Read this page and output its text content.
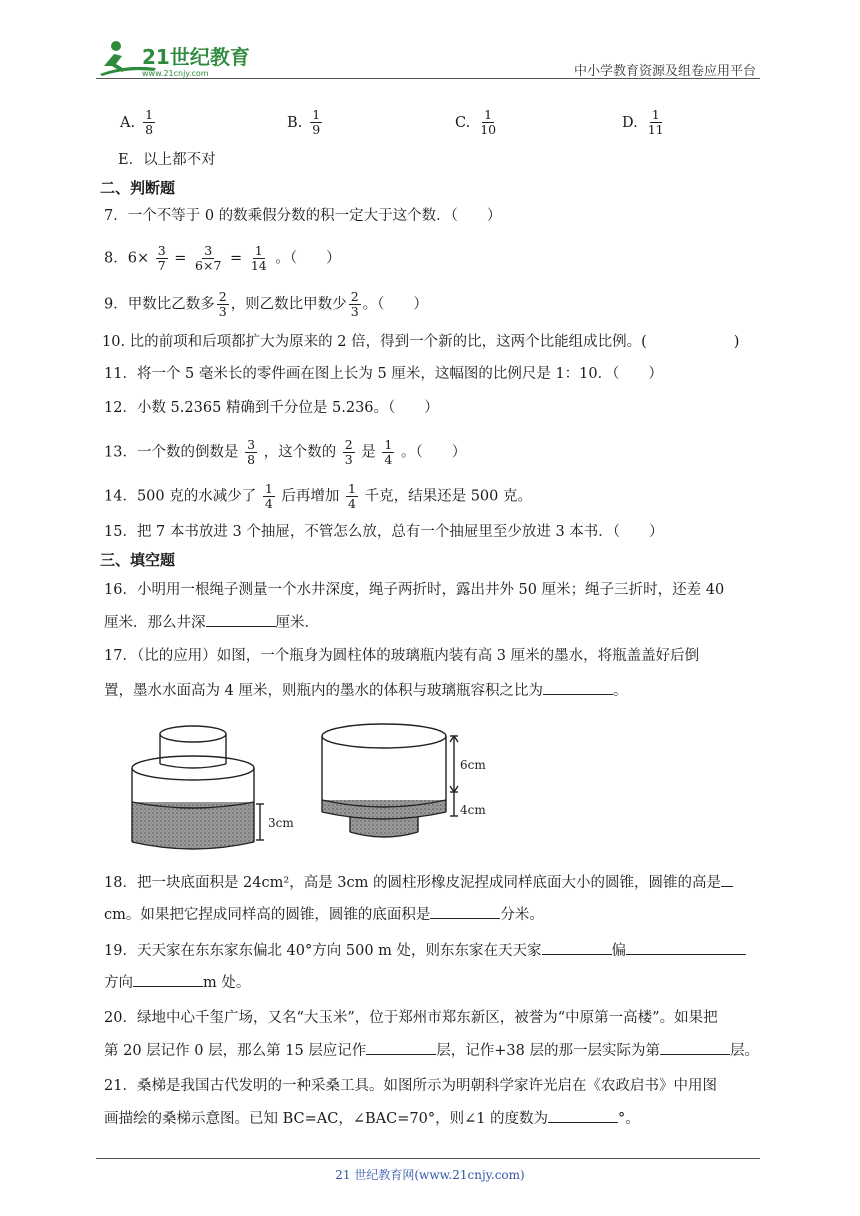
21世纪教育
www.21cnjy.com	中小学教育资源及组卷应用平台
A. $\frac{1}{8}$	B. $\frac{1}{9}$	C. $\frac{1}{10}$	D. $\frac{1}{11}$
E．以上都不对
二、判断题
7．一个不等于 0 的数乘假分数的积一定大于这个数．（　　）
8．$6\times \frac{3}{7} = \frac{3}{6\times 7} = \frac{1}{14}$ 。（　　）
9．甲数比乙数多 $\frac{2}{3}$ ，则乙数比甲数少 $\frac{2}{3}$ 。（　　）
10. 比的前项和后项都扩大为原来的 2 倍，得到一个新的比，这两个比能组成比例。(　　　　　　)
11．将一个 5 毫米长的零件画在图上长为 5 厘米，这幅图的比例尺是 1：10．（　　）
12．小数 5.2365 精确到千分位是 5.236。（　　）
13．一个数的倒数是 $\frac{3}{8}$ ，这个数的 $\frac{2}{3}$ 是 $\frac{1}{4}$ 。（　　）
14．500 克的水减少了 $\frac{1}{4}$ 后再增加 $\frac{1}{4}$ 千克，结果还是 500 克。
15．把 7 本书放进 3 个抽屉，不管怎么放，总有一个抽屉里至少放进 3 本书．（　　）
三、填空题
16．小明用一根绳子测量一个水井深度，绳子两折时，露出井外 50 厘米；绳子三折时，还差 40
厘米．那么井深	厘米．
17．（比的应用）如图，一个瓶身为圆柱体的玻璃瓶内装有高 3 厘米的墨水，将瓶盖盖好后倒
置，墨水水面高为 4 厘米，则瓶内的墨水的体积与玻璃瓶容积之比为	。
3cm
6cm
4cm
18．把一块底面积是 24cm²，高是 3cm 的圆柱形橡皮泥捏成同样底面大小的圆锥，圆锥的高是
cm。如果把它捏成同样高的圆锥，圆锥的底面积是	分米。
19．天天家在东东家东偏北 40°方向 500 m 处，则东东家在天天家	偏
方向	m 处。
20．绿地中心千玺广场，又名“大玉米”，位于郑州市郑东新区，被誉为“中原第一高楼”。如果把
第 20 层记作 0 层，那么第 15 层应记作	层，记作+38 层的那一层实际为第	层。
21．桑梯是我国古代发明的一种采桑工具。如图所示为明朝科学家许光启在《农政启书》中用图
画描绘的桑梯示意图。已知 BC=AC，∠BAC=70°，则∠1 的度数为	°。
21 世纪教育网(www.21cnjy.com)
